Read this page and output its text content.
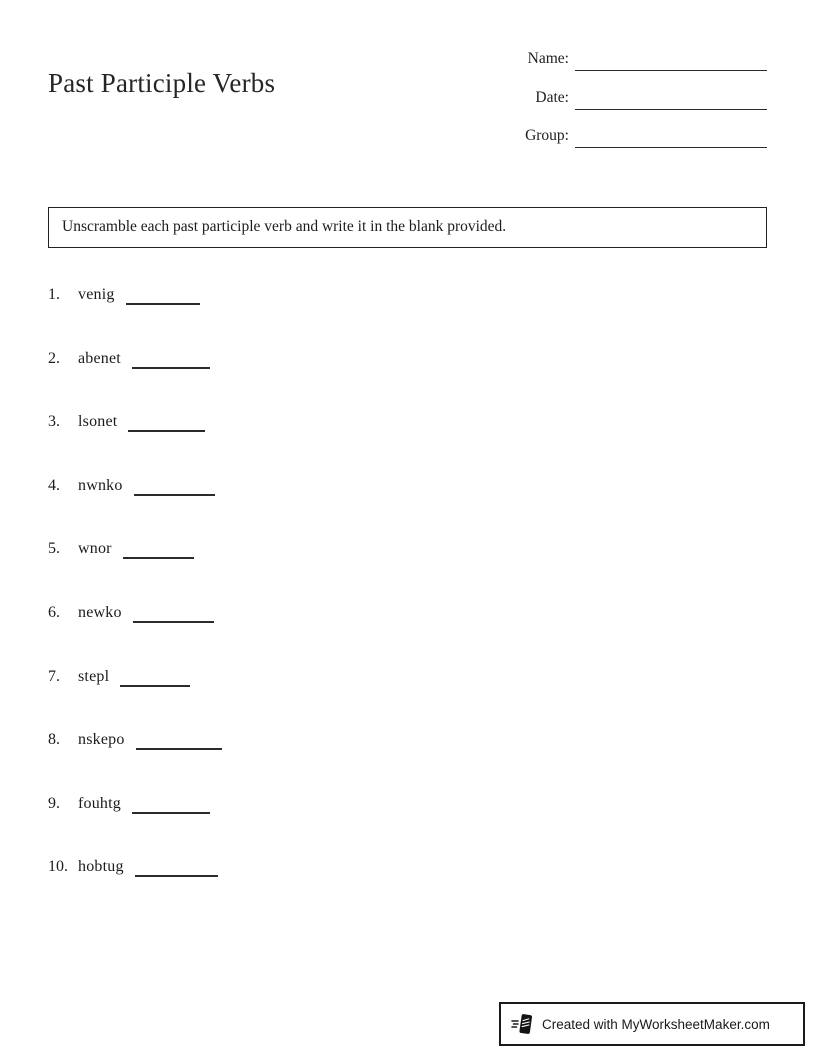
Past Participle Verbs
Name:
Date:
Group:
Unscramble each past participle verb and write it in the blank provided.
1.	venig
2.	abenet
3.	lsonet
4.	nwnko
5.	wnor
6.	newko
7.	stepl
8.	nskepo
9.	fouhtg
10. hobtug
Created with MyWorksheetMaker.com
